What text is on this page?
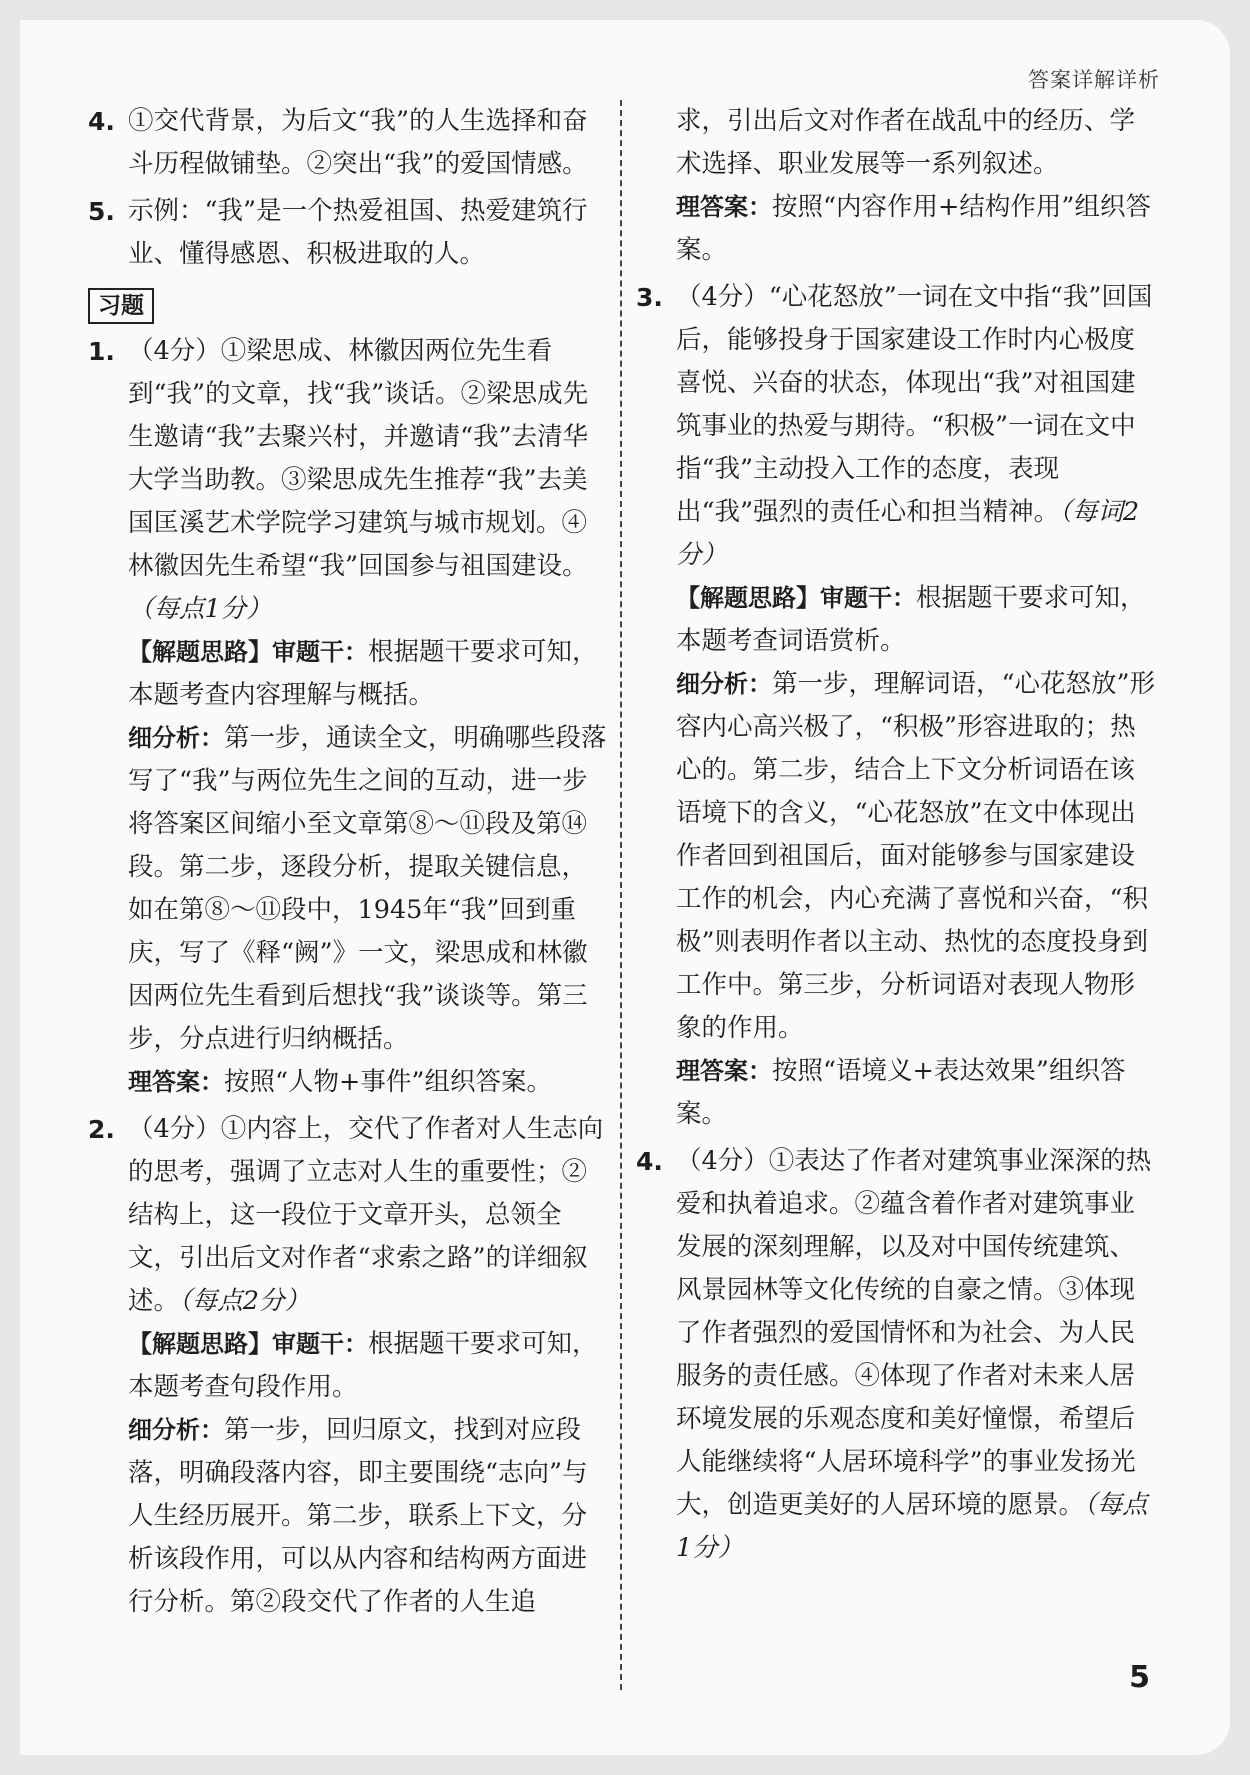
答案详解详析
4. ①交代背景，为后文“我”的人生选择和奋斗历程做铺垫。②突出“我”的爱国情感。
5. 示例：“我”是一个热爱祖国、热爱建筑行业、懂得感恩、积极进取的人。
习题
1. （4分）①梁思成、林徽因两位先生看到“我”的文章，找“我”谈话。②梁思成先生邀请“我”去聚兴村，并邀请“我”去清华大学当助教。③梁思成先生推荐“我”去美国匡溪艺术学院学习建筑与城市规划。④林徽因先生希望“我”回国参与祖国建设。（每点1分）

【解题思路】审题干：根据题干要求可知，本题考查内容理解与概括。

细分析：第一步，通读全文，明确哪些段落写了“我”与两位先生之间的互动，进一步将答案区间缩小至文章第⑧～⑪段及第⑭段。第二步，逐段分析，提取关键信息，如在第⑧～⑪段中，1945年“我”回到重庆，写了《释“阙”》一文，梁思成和林徽因两位先生看到后想找“我”谈谈等。第三步，分点进行归纳概括。

理答案：按照“人物+事件”组织答案。

2. （4分）①内容上，交代了作者对人生志向的思考，强调了立志对人生的重要性；②结构上，这一段位于文章开头，总领全文，引出后文对作者“求索之路”的详细叙述。（每点2分）

【解题思路】审题干：根据题干要求可知，本题考查句段作用。

细分析：第一步，回归原文，找到对应段落，明确段落内容，即主要围绕“志向”与人生经历展开。第二步，联系上下文，分析该段作用，可以从内容和结构两方面进行分析。第②段交代了作者的人生追

求，引出后文对作者在战乱中的经历、学术选择、职业发展等一系列叙述。

理答案：按照“内容作用+结构作用”组织答案。

3. （4分）“心花怒放”一词在文中指“我”回国后，能够投身于国家建设工作时内心极度喜悦、兴奋的状态，体现出“我”对祖国建筑事业的热爱与期待。“积极”一词在文中指“我”主动投入工作的态度，表现出“我”强烈的责任心和担当精神。（每词2分）

【解题思路】审题干：根据题干要求可知，本题考查词语赏析。

细分析：第一步，理解词语，“心花怒放”形容内心高兴极了，“积极”形容进取的；热心的。第二步，结合上下文分析词语在该语境下的含义，“心花怒放”在文中体现出作者回到祖国后，面对能够参与国家建设工作的机会，内心充满了喜悦和兴奋，“积极”则表明作者以主动、热忱的态度投身到工作中。第三步，分析词语对表现人物形象的作用。

理答案：按照“语境义+表达效果”组织答案。

4. （4分）①表达了作者对建筑事业深深的热爱和执着追求。②蕴含着作者对建筑事业发展的深刻理解，以及对中国传统建筑、风景园林等文化传统的自豪之情。③体现了作者强烈的爱国情怀和为社会、为人民服务的责任感。④体现了作者对未来人居环境发展的乐观态度和美好憧憬，希望后人能继续将“人居环境科学”的事业发扬光大，创造更美好的人居环境的愿景。（每点1分）
5
